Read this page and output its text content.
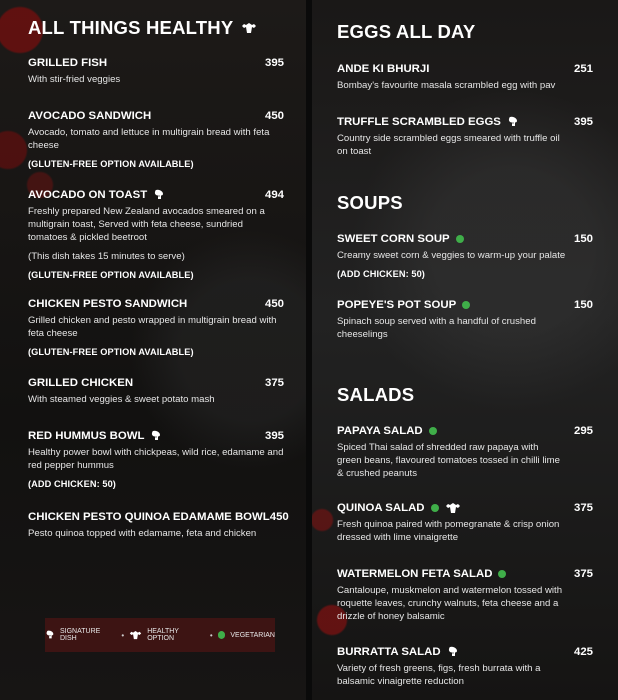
ALL THINGS HEALTHY
GRILLED FISH	395
With stir-fried veggies
AVOCADO SANDWICH	450
Avocado, tomato and lettuce in multigrain bread with feta cheese
(GLUTEN-FREE OPTION AVAILABLE)
AVOCADO ON TOAST	494
Freshly prepared New Zealand avocados smeared on a multigrain toast, Served with feta cheese, sundried tomatoes & pickled beetroot
(This dish takes 15 minutes to serve)
(GLUTEN-FREE OPTION AVAILABLE)
CHICKEN PESTO SANDWICH	450
Grilled chicken and pesto wrapped in multigrain bread with feta cheese
(GLUTEN-FREE OPTION AVAILABLE)
GRILLED CHICKEN	375
With steamed veggies & sweet potato mash
RED HUMMUS BOWL	395
Healthy power bowl with chickpeas, wild rice, edamame and red pepper hummus
(ADD CHICKEN: 50)
CHICKEN PESTO QUINOA EDAMAME BOWL 450
Pesto quinoa topped with edamame, feta and chicken
SIGNATURE DISH	•	HEALTHY OPTION	•	VEGETARIAN
EGGS ALL DAY
ANDE KI BHURJI	251
Bombay's favourite masala scrambled egg with pav
TRUFFLE SCRAMBLED EGGS	395
Country side scrambled eggs smeared with truffle oil on toast
SOUPS
SWEET CORN SOUP	150
Creamy sweet corn & veggies to warm-up your palate
(ADD CHICKEN: 50)
POPEYE'S POT SOUP	150
Spinach soup served with a handful of crushed cheeselings
SALADS
PAPAYA SALAD	295
Spiced Thai salad of shredded raw papaya with green beans, flavoured tomatoes tossed in chilli lime & crushed peanuts
QUINOA SALAD	375
Fresh quinoa paired with pomegranate & crisp onion dressed with lime vinaigrette
WATERMELON FETA SALAD	375
Cantaloupe, muskmelon and watermelon tossed with roquette leaves, crunchy walnuts, feta cheese and a drizzle of honey balsamic
BURRATTA SALAD	425
Variety of fresh greens, figs, fresh burrata with a balsamic vinaigrette reduction
